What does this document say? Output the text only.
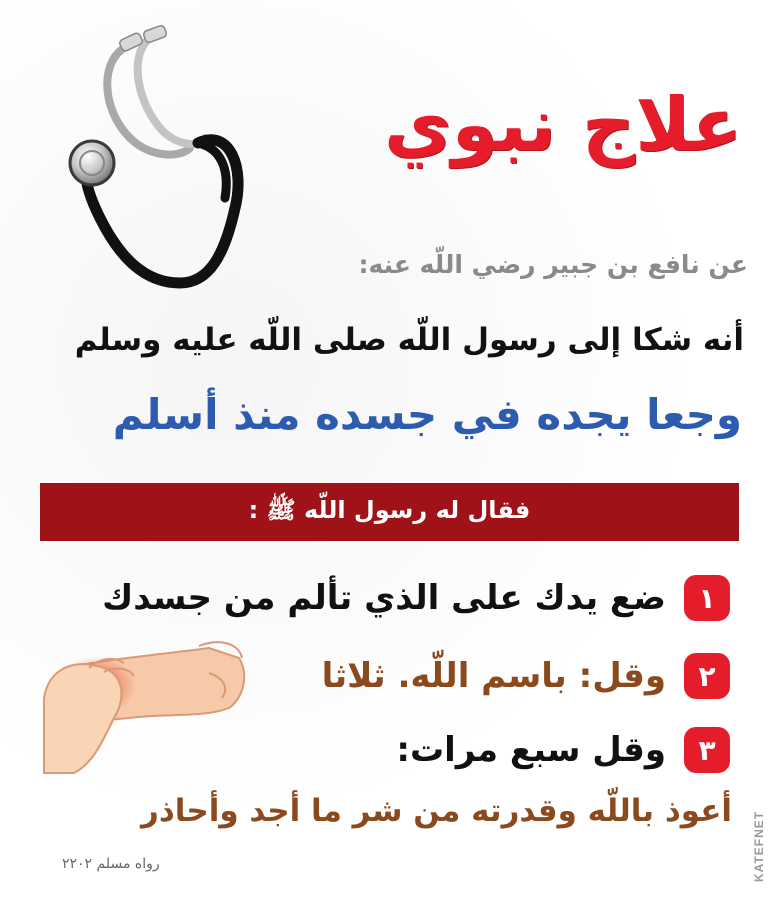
علاج نبوي
عن نافع بن جبير رضي اللّه عنه:
أنه شكا إلى رسول اللّه صلى اللّه عليه وسلم
وجعا يجده في جسده منذ أسلم
فقال له رسول اللّه ﷺ :
١
ضع يدك على الذي تألم من جسدك
٢
وقل: باسم اللّه. ثلاثا
٣
وقل سبع مرات:
أعوذ باللّه وقدرته من شر ما أجد وأحاذر
رواه مسلم ٢٢٠٢	KATEFNET
